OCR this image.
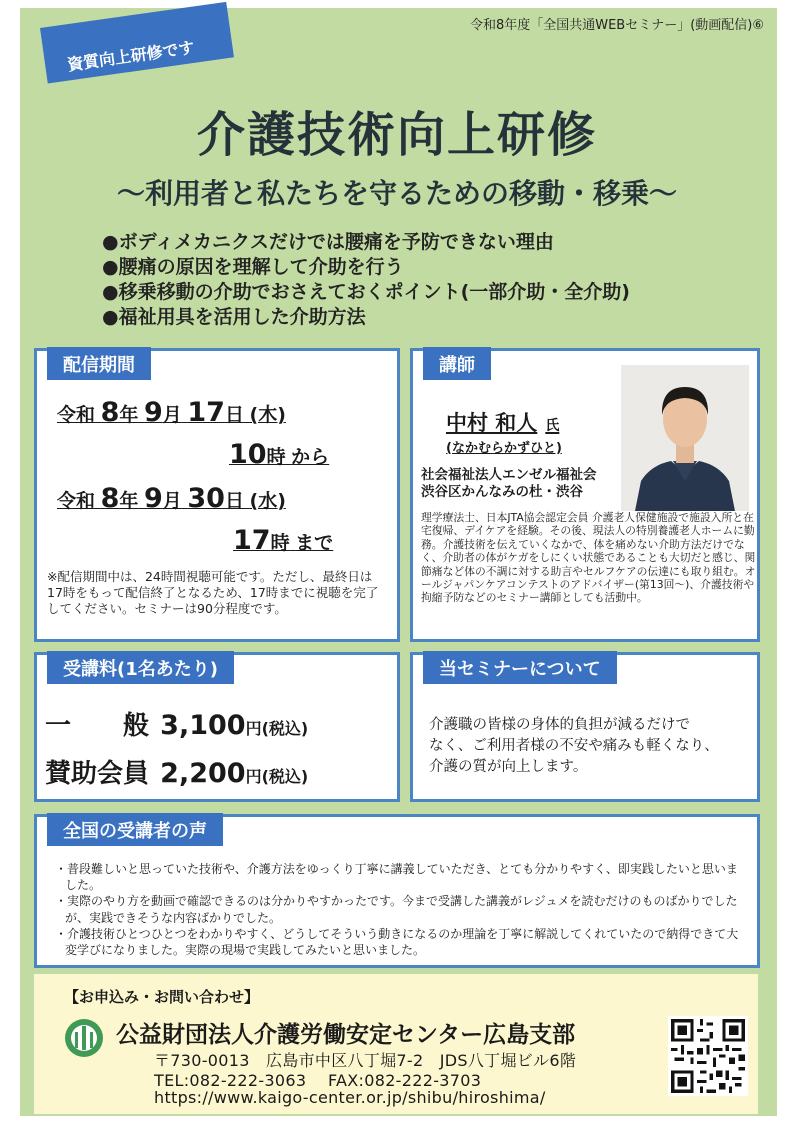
令和8年度「全国共通WEBセミナー」(動画配信)⑥
資質向上研修です
介護技術向上研修
～利用者と私たちを守るための移動・移乗～
●ボディメカニクスだけでは腰痛を予防できない理由
●腰痛の原因を理解して介助を行う
●移乗移動の介助でおさえておくポイント(一部介助・全介助)
●福祉用具を活用した介助方法
配信期間
令和 8年 9月 17日 (木)
10時 から
令和 8年 9月 30日 (水)
17時 まで
※配信期間中は、24時間視聴可能です。ただし、最終日は17時をもって配信終了となるため、17時までに視聴を完了してください。セミナーは90分程度です。
講師
中村 和人 氏
(なかむらかずひと)
社会福祉法人エンゼル福祉会
渋谷区かんなみの杜・渋谷
理学療法士、日本JTA協会認定会員 介護老人保健施設で施設入所と在宅復帰、デイケアを経験。その後、現法人の特別養護老人ホームに勤務。介護技術を伝えていくなかで、体を痛めない介助方法だけでなく、介助者の体がケガをしにくい状態であることも大切だと感じ、関節痛など体の不調に対する助言やセルフケアの伝達にも取り組む。オールジャパンケアコンテストのアドバイザー(第13回～)、介護技術や拘縮予防などのセミナー講師としても活動中。
受講料(1名あたり)
一　　般 3,100円(税込)
賛助会員 2,200円(税込)
当セミナーについて
介護職の皆様の身体的負担が減るだけで
なく、ご利用者様の不安や痛みも軽くなり、
介護の質が向上します。
全国の受講者の声

・普段難しいと思っていた技術や、介護方法をゆっくり丁寧に講義していただき、とても分かりやすく、即実践したいと思いました。

・実際のやり方を動画で確認できるのは分かりやすかったです。今まで受講した講義がレジュメを読むだけのものばかりでしたが、実践できそうな内容ばかりでした。

・介護技術ひとつひとつをわかりやすく、どうしてそういう動きになるのか理論を丁寧に解説してくれていたので納得できて大変学びになりました。実際の現場で実践してみたいと思いました。

【お申込み・お問い合わせ】
公益財団法人介護労働安定センター広島支部
〒730-0013　広島市中区八丁堀7-2　JDS八丁堀ビル6階
TEL:082-222-3063　 FAX:082-222-3703
https://www.kaigo-center.or.jp/shibu/hiroshima/
